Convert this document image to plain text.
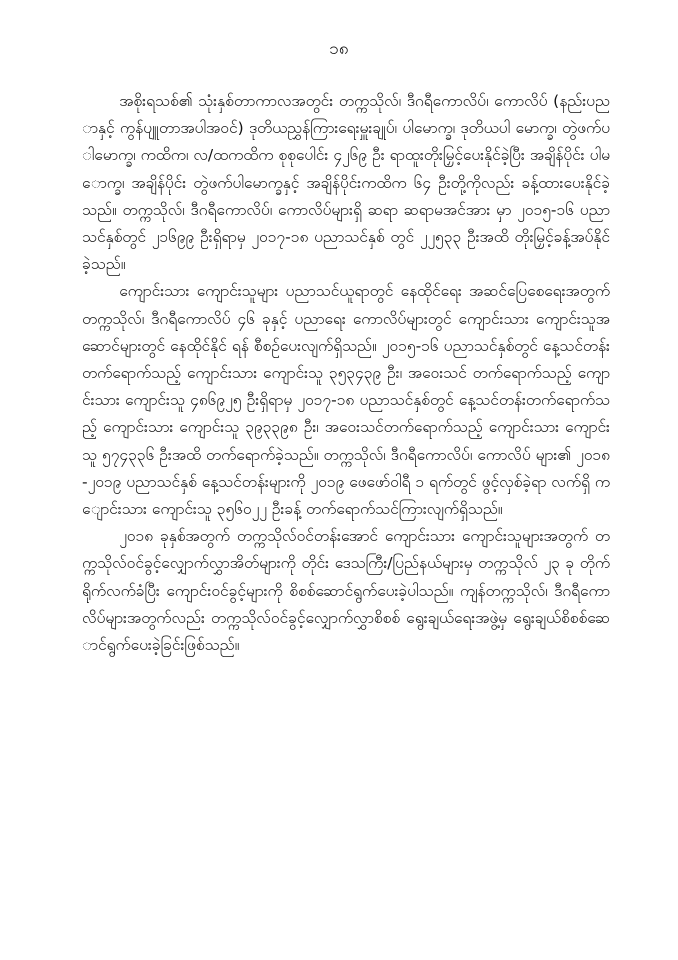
၁၈

အစိုးရသစ်၏ သုံးနှစ်တာကာလအတွင်း တက္ကသိုလ်၊ ဒီဂရီကောလိပ်၊ ကောလိပ် (နည်းပညာနှင့် ကွန်ပျူတာအပါအဝင်) ဒုတိယညွှန်ကြားရေးမှူးချုပ်၊ ပါမောက္ခ၊ ဒုတိယပါ မောက္ခ၊ တွဲဖက်ပါမောက္ခ၊ ကထိက၊ လ/ထကထိက စုစုပေါင်း ၄၂၆၉ ဦး ရာထူးတိုးမြှင့်ပေးနိုင်ခဲ့ပြီး အချိန်ပိုင်း ပါမောက္ခ၊ အချိန်ပိုင်း တွဲဖက်ပါမောက္ခနှင့် အချိန်ပိုင်းကထိက ၆၄ ဦးတို့ကိုလည်း ခန့်ထားပေးနိုင်ခဲ့ သည်။ တက္ကသိုလ်၊ ဒီဂရီကောလိပ်၊ ကောလိပ်များရှိ ဆရာ ဆရာမအင်အား မှာ ၂၀၁၅-၁၆ ပညာသင်နှစ်တွင် ၂၁၆၉၉ ဦးရှိရာမှ ၂၀၁၇-၁၈ ပညာသင်နှစ် တွင် ၂၂၅၃၃ ဦးအထိ တိုးမြှင့်ခန့်အပ်နိုင်ခဲ့သည်။

ကျောင်းသား ကျောင်းသူများ ပညာသင်ယူရာတွင် နေထိုင်ရေး အဆင်ပြေစေရေးအတွက် တက္ကသိုလ်၊ ဒီဂရီကောလိပ် ၄၆ ခုနှင့် ပညာရေး ကောလိပ်များတွင် ကျောင်းသား ကျောင်းသူအဆောင်များတွင် နေထိုင်နိုင် ရန် စီစဉ်ပေးလျက်ရှိသည်။ ၂၀၁၅-၁၆ ပညာသင်နှစ်တွင် နေ့သင်တန်း တက်ရောက်သည့် ကျောင်းသား ကျောင်းသူ ၃၅၃၄၃၉ ဦး၊ အဝေးသင် တက်ရောက်သည့် ကျောင်းသား ကျောင်းသူ ၄၈၆၉၂၅ ဦးရှိရာမှ ၂၀၁၇-၁၈ ပညာသင်နှစ်တွင် နေ့သင်တန်းတက်ရောက်သည့် ကျောင်းသား ကျောင်းသူ ၃၉၃၃၉၈ ဦး၊ အဝေးသင်တက်ရောက်သည့် ကျောင်းသား ကျောင်းသူ ၅၇၄၃၃၆ ဦးအထိ တက်ရောက်ခဲ့သည်။ တက္ကသိုလ်၊ ဒီဂရီကောလိပ်၊ ကောလိပ် များ၏ ၂၀၁၈-၂၀၁၉ ပညာသင်နှစ် နေ့သင်တန်းများကို ၂၀၁၉ ဖေဖော်ဝါရီ ၁ ရက်တွင် ဖွင့်လှစ်ခဲ့ရာ လက်ရှိ ကျောင်းသား ကျောင်းသူ ၃၅၆၀၂၂ ဦးခန့် တက်ရောက်သင်ကြားလျက်ရှိသည်။

၂၀၁၈ ခုနှစ်အတွက် တက္ကသိုလ်ဝင်တန်းအောင် ကျောင်းသား ကျောင်းသူများအတွက် တက္ကသိုလ်ဝင်ခွင့်လျှောက်လွှာအိတ်များကို တိုင်း ဒေသကြီး/ပြည်နယ်များမှ တက္ကသိုလ် ၂၃ ခု တိုက်ရိုက်လက်ခံပြီး ကျောင်းဝင်ခွင့်များကို စိစစ်ဆောင်ရွက်ပေးခဲ့ပါသည်။ ကျန်တက္ကသိုလ်၊ ဒီဂရီကောလိပ်များအတွက်လည်း တက္ကသိုလ်ဝင်ခွင့်လျှောက်လွှာစိစစ် ရွေးချယ်ရေးအဖွဲ့မှ ရွေးချယ်စိစစ်ဆောင်ရွက်ပေးခဲ့ခြင်းဖြစ်သည်။
